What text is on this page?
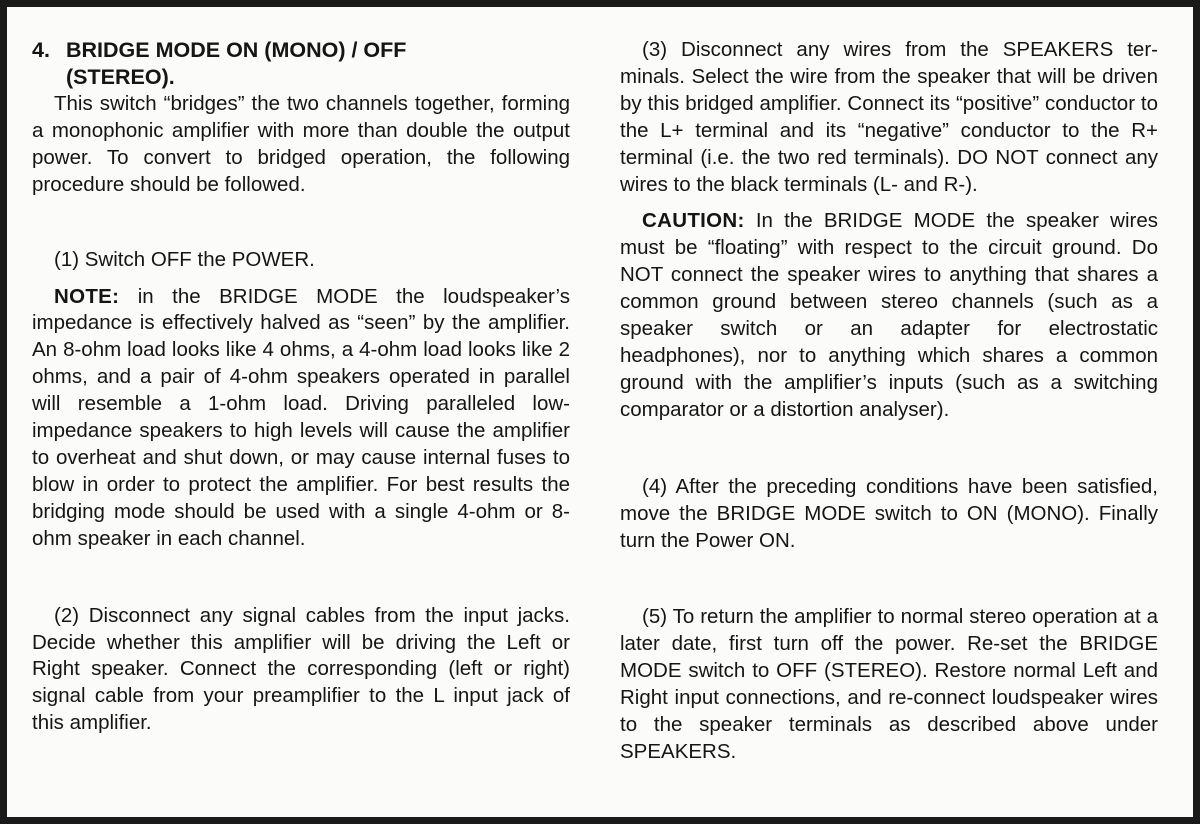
4. BRIDGE MODE ON (MONO) / OFF
(STEREO).

This switch “bridges” the two channels together, forming a monophonic amplifier with more than double the output power. To convert to bridged operation, the following procedure should be followed.

(1) Switch OFF the POWER.

NOTE: in the BRIDGE MODE the loudspeaker’s impedance is effectively halved as “seen” by the amplifier. An 8-ohm load looks like 4 ohms, a 4-ohm load looks like 2 ohms, and a pair of 4-ohm speakers operated in parallel will resemble a 1-ohm load. Driving paralleled low-impedance speakers to high levels will cause the amplifier to overheat and shut down, or may cause internal fuses to blow in order to protect the amplifier. For best results the bridging mode should be used with a single 4-ohm or 8-ohm speaker in each channel.

(2) Disconnect any signal cables from the input jacks. Decide whether this amplifier will be driving the Left or Right speaker. Connect the corresponding (left or right) signal cable from your preamplifier to the L input jack of this amplifier.

(3) Disconnect any wires from the SPEAKERS terminals. Select the wire from the speaker that will be driven by this bridged amplifier. Connect its “positive” conductor to the L+ terminal and its “negative” conductor to the R+ terminal (i.e. the two red terminals). DO NOT connect any wires to the black terminals (L- and R-).

CAUTION: In the BRIDGE MODE the speaker wires must be “floating” with respect to the circuit ground. Do NOT connect the speaker wires to anything that shares a common ground between stereo channels (such as a speaker switch or an adapter for electrostatic headphones), nor to anything which shares a common ground with the amplifier’s inputs (such as a switching comparator or a distortion analyser).

(4) After the preceding conditions have been satisfied, move the BRIDGE MODE switch to ON (MONO). Finally turn the Power ON.

(5) To return the amplifier to normal stereo operation at a later date, first turn off the power. Re-set the BRIDGE MODE switch to OFF (STEREO). Restore normal Left and Right input connections, and re-connect loudspeaker wires to the speaker terminals as described above under SPEAKERS.
